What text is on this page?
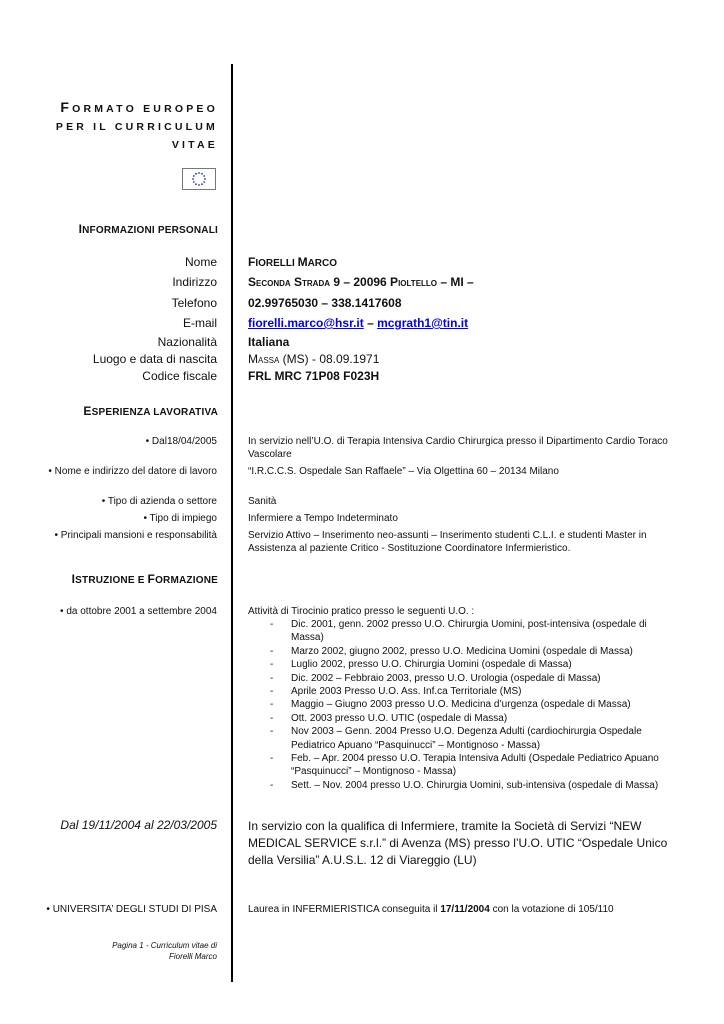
FORMATO EUROPEO
PER IL CURRICULUM
VITAE
INFORMAZIONI PERSONALI
Nome	FIORELLI MARCO
Indirizzo	Seconda Strada 9 – 20096 Pioltello – MI –
Telefono	02.99765030 – 338.1417608
E-mail	fiorelli.marco@hsr.it – mcgrath1@tin.it
Nazionalità	Italiana
Luogo e data di nascita	Massa (MS) - 08.09.1971
Codice fiscale	FRL MRC 71P08 F023H
ESPERIENZA LAVORATIVA
• Dal18/04/2005	In servizio nell’U.O. di Terapia Intensiva Cardio Chirurgica presso il Dipartimento Cardio Toraco Vascolare
• Nome e indirizzo del datore di lavoro	“I.R.C.C.S. Ospedale San Raffaele” – Via Olgettina 60 – 20134 Milano
• Tipo di azienda o settore	Sanità
• Tipo di impiego	Infermiere a Tempo Indeterminato
• Principali mansioni e responsabilità	Servizio Attivo – Inserimento neo-assunti – Inserimento studenti C.L.I. e studenti Master in Assistenza al paziente Critico - Sostituzione Coordinatore Infermieristico.
ISTRUZIONE E FORMAZIONE
• da ottobre 2001 a settembre 2004	Attività di Tirocinio pratico presso le seguenti U.O. :
- Dic. 2001, genn. 2002 presso U.O. Chirurgia Uomini, post-intensiva (ospedale di Massa)
- Marzo 2002, giugno 2002, presso U.O. Medicina Uomini (ospedale di Massa)
- Luglio 2002, presso U.O. Chirurgia Uomini (ospedale di Massa)
- Dic. 2002 – Febbraio 2003, presso U.O. Urologia (ospedale di Massa)
- Aprile 2003 Presso U.O. Ass. Inf.ca Territoriale (MS)
- Maggio – Giugno 2003 presso U.O. Medicina d’urgenza (ospedale di Massa)
- Ott. 2003 presso U.O. UTIC (ospedale di Massa)
- Nov 2003 – Genn. 2004 Presso U.O. Degenza Adulti (cardiochirurgia Ospedale Pediatrico Apuano “Pasquinucci” – Montignoso - Massa)
- Feb. – Apr. 2004 presso U.O. Terapia Intensiva Adulti (Ospedale Pediatrico Apuano “Pasquinucci” – Montignoso - Massa)
- Sett. – Nov. 2004 presso U.O. Chirurgia Uomini, sub-intensiva (ospedale di Massa)
Dal 19/11/2004 al 22/03/2005	In servizio con la qualifica di Infermiere, tramite la Società di Servizi “NEW MEDICAL SERVICE s.r.l.” di Avenza (MS) presso l’U.O. UTIC “Ospedale Unico della Versilia” A.U.S.L. 12 di Viareggio (LU)
• UNIVERSITA’ DEGLI STUDI DI PISA	Laurea in INFERMIERISTICA conseguita il 17/11/2004 con la votazione di 105/110
Pagina 1 - Curriculum vitae di
Fiorelli Marco
